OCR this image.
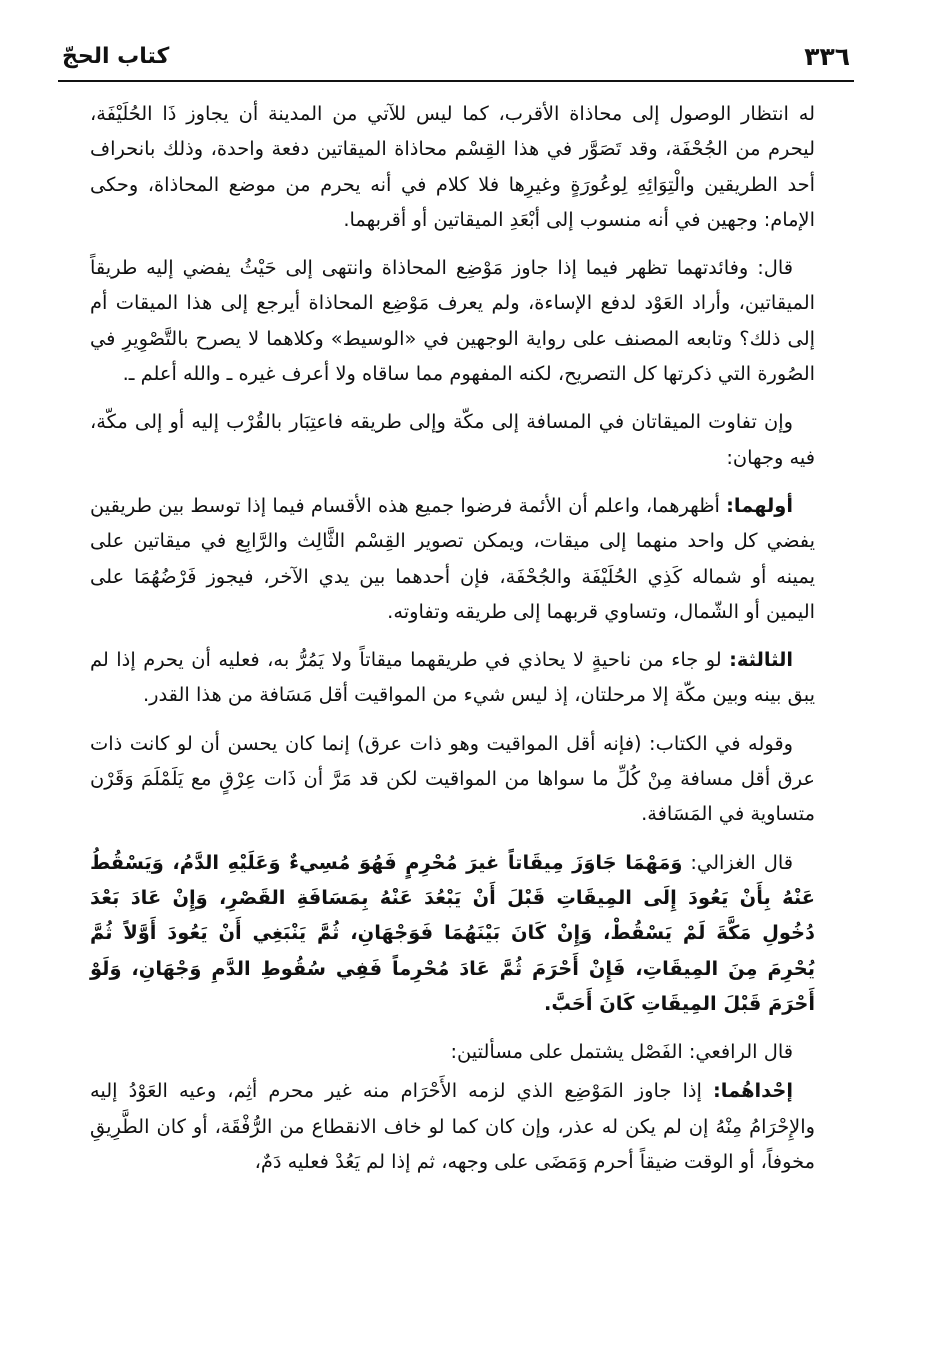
٣٣٦
كتاب الحجّ

له انتظار الوصول إلى محاذاة الأقرب، كما ليس للآتي من المدينة أن يجاوز ذَا الحُلَيْفَة، ليحرم من الجُحْفَة، وقد تَصَوَّر في هذا القِسْم محاذاة الميقاتين دفعة واحدة، وذلك بانحراف أحد الطريقين والْتِوَائِهِ لِوعُورَةٍ وغيرِها فلا كلام في أنه يحرم من موضع المحاذاة، وحكى الإمام: وجهين في أنه منسوب إلى أبْعَدِ الميقاتين أو أقربهما.

قال: وفائدتهما تظهر فيما إذا جاوز مَوْضِع المحاذاة وانتهى إلى حَيْثُ يفضي إليه طريقاً الميقاتين، وأراد العَوْد لدفع الإساءة، ولم يعرف مَوْضِع المحاذاة أيرجع إلى هذا الميقات أم إلى ذلك؟ وتابعه المصنف على رواية الوجهين في «الوسيط» وكلاهما لا يصرح بالتَّصْوِيرِ في الصُورة التي ذكرتها كل التصريح، لكنه المفهوم مما ساقاه ولا أعرف غيره ـ والله أعلم ـ.

وإن تفاوت الميقاتان في المسافة إلى مكّة وإلى طريقه فاعتِبَار بالقُرْب إليه أو إلى مكّة، فيه وجهان:

أولهما: أظهرهما، واعلم أن الأئمة فرضوا جميع هذه الأقسام فيما إذا توسط بين طريقين يفضي كل واحد منهما إلى ميقات، ويمكن تصوير القِسْم الثَّالِث والرَّابِع في ميقاتين على يمينه أو شماله كَذِي الحُلَيْفَة والجُحْفَة، فإن أحدهما بين يدي الآخر، فيجوز فَرْضُهُمَا على اليمين أو الشّمال، وتساوي قربهما إلى طريقه وتفاوته.

الثالثة: لو جاء من ناحيةٍ لا يحاذي في طريقهما ميقاتاً ولا يَمُرُّ به، فعليه أن يحرم إذا لم يبق بينه وبين مكّة إلا مرحلتان، إذ ليس شيء من المواقيت أقل مَسَافة من هذا القدر.

وقوله في الكتاب: (فإنه أقل المواقيت وهو ذات عرق) إنما كان يحسن أن لو كانت ذات عرق أقل مسافة مِنْ كُلِّ ما سواها من المواقيت لكن قد مَرَّ أن ذَات عِرْقٍ مع يَلَمْلَمَ وَقَرْن متساوية في المَسَافة.

قال الغزالي: وَمَهْمَا جَاوَزَ مِيقَاتاً غيرَ مُحْرِمٍ فَهُوَ مُسِيءٌ وَعَلَيْهِ الدَّمُ، وَيَسْقُطُ عَنْهُ بِأَنْ يَعُودَ إِلَى المِيقَاتِ قَبْلَ أَنْ يَبْعُدَ عَنْهُ بِمَسَافَةِ القَصْرِ، وَإِنْ عَادَ بَعْدَ دُخُولِ مَكَّةَ لَمْ يَسْقُطْ، وَإِنْ كَانَ بَيْنَهُمَا فَوَجْهَانِ، ثُمَّ يَنْبَغِي أَنْ يَعُودَ أَوَّلاً ثُمَّ يُحْرِمَ مِنَ المِيقَاتِ، فَإِنْ أَحْرَمَ ثُمَّ عَادَ مُحْرِماً فَفِي سُقُوطِ الدَّمِ وَجْهَانِ، وَلَوْ أَحْرَمَ قَبْلَ المِيقَاتِ كَانَ أَحَبَّ.

قال الرافعي: الفَصْل يشتمل على مسألتين:

إحْداهُما: إذا جاوز المَوْضِع الذي لزمه الأَحْرَام منه غير محرم أثِم، وعيه العَوْدُ إليه والإِحْرَامُ مِنْهُ إن لم يكن له عذر، وإن كان كما لو خاف الانقطاع من الرُّفْقَة، أو كان الطَّرِيقِ مخوفاً، أو الوقت ضيقاً أحرم وَمَضَى على وجهه، ثم إذا لم يَعُدْ فعليه دَمٌ،
